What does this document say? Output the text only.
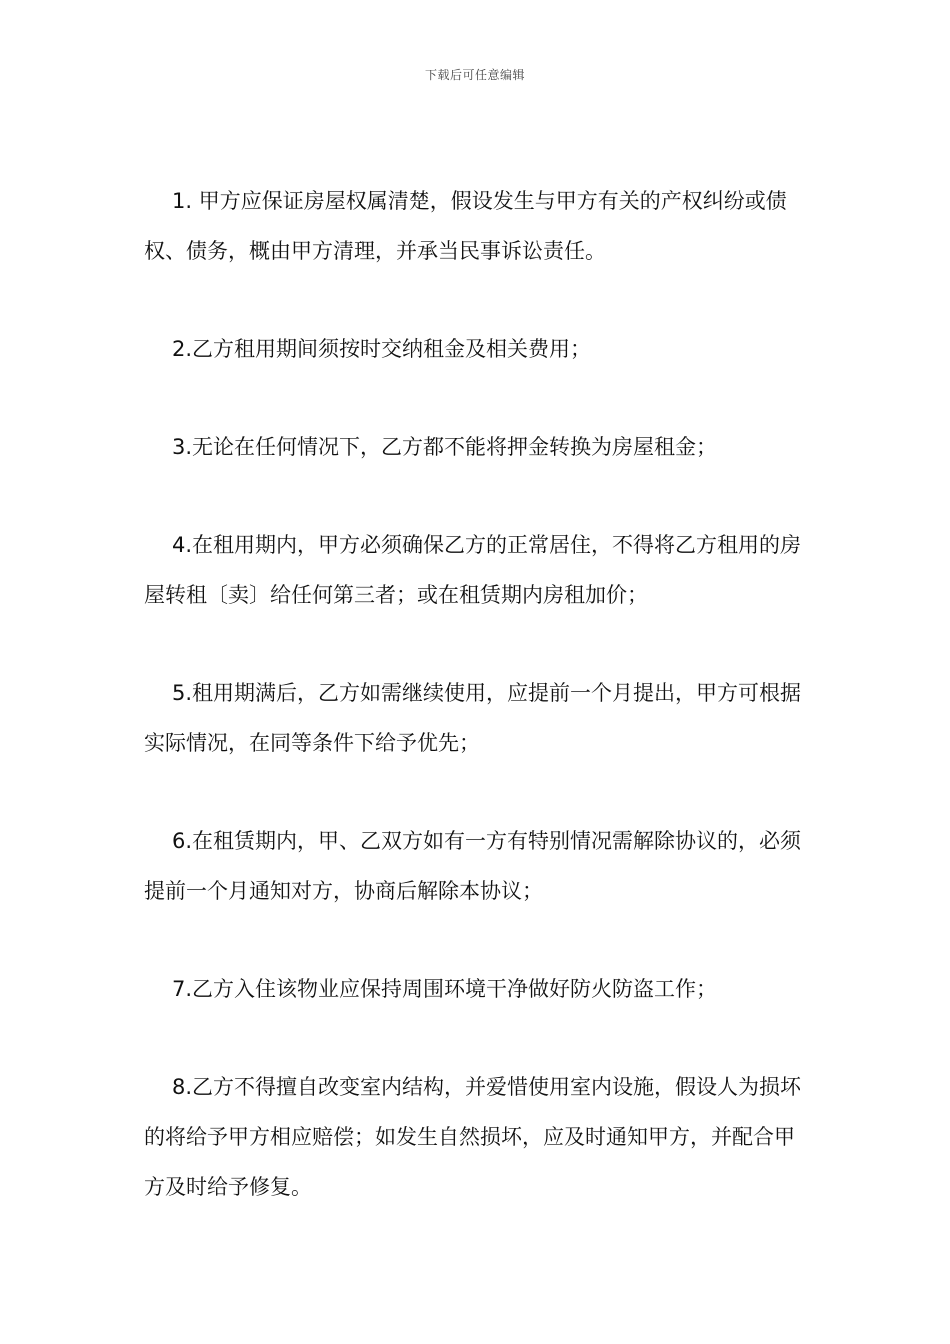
下载后可任意编辑

1. 甲方应保证房屋权属清楚，假设发生与甲方有关的产权纠纷或债权、债务，概由甲方清理，并承当民事诉讼责任。

2.乙方租用期间须按时交纳租金及相关费用；

3.无论在任何情况下，乙方都不能将押金转换为房屋租金；

4.在租用期内，甲方必须确保乙方的正常居住，不得将乙方租用的房屋转租〔卖〕给任何第三者；或在租赁期内房租加价；

5.租用期满后，乙方如需继续使用，应提前一个月提出，甲方可根据实际情况，在同等条件下给予优先；

6.在租赁期内，甲、乙双方如有一方有特别情况需解除协议的，必须提前一个月通知对方，协商后解除本协议；

7.乙方入住该物业应保持周围环境干净做好防火防盗工作；

8.乙方不得擅自改变室内结构，并爱惜使用室内设施，假设人为损坏的将给予甲方相应赔偿；如发生自然损坏，应及时通知甲方，并配合甲方及时给予修复。
